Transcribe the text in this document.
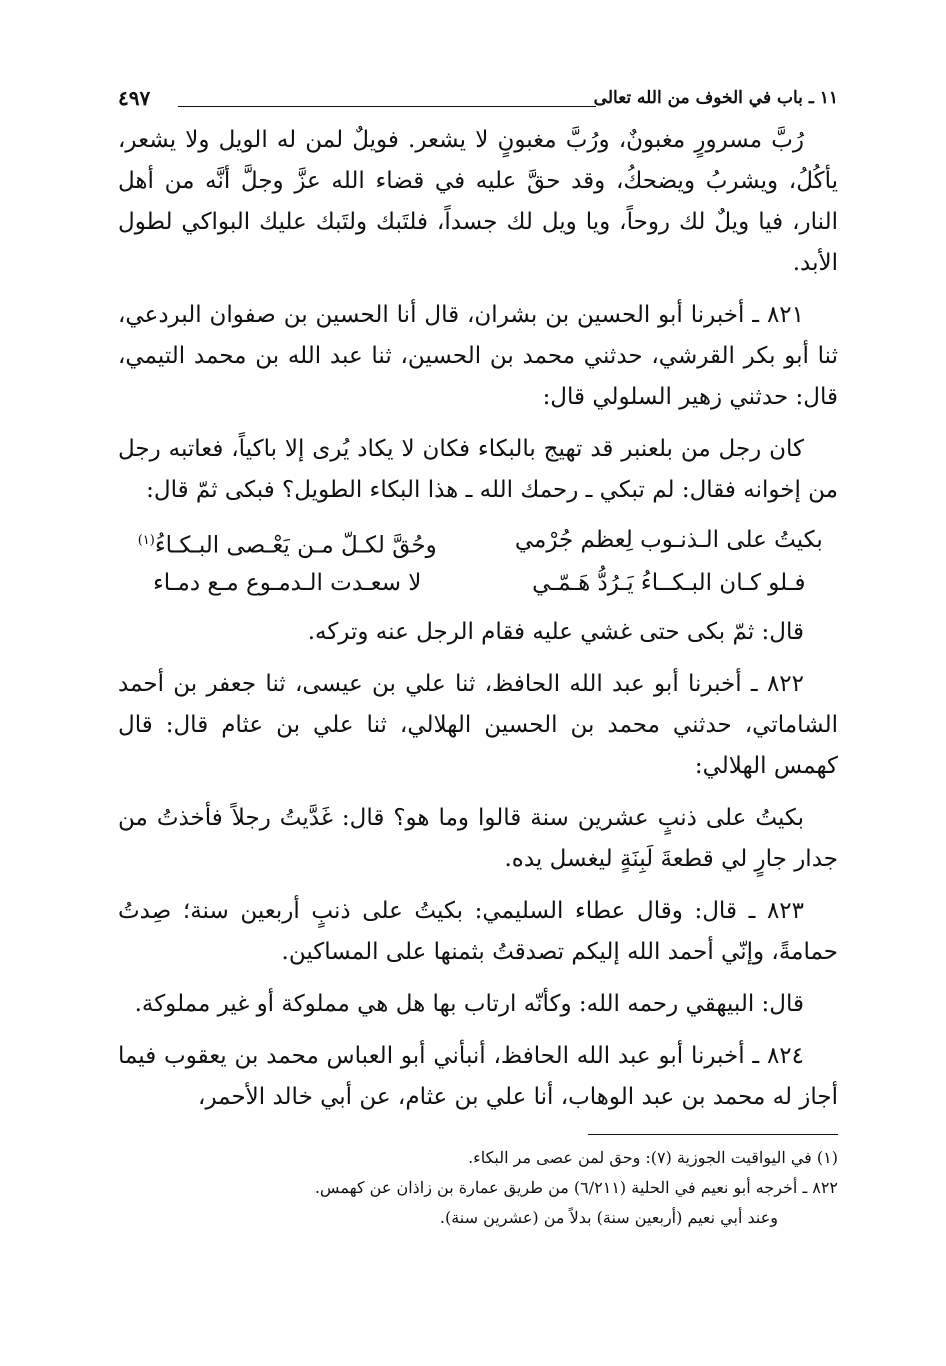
١١ ـ باب في الخوف من الله تعالى
٤٩٧

رُبَّ مسرورٍ مغبونٌ، ورُبَّ مغبونٍ لا يشعر. فويلٌ لمن له الويل ولا يشعر، يأكُلُ، ويشربُ ويضحكُ، وقد حقَّ عليه في قضاء الله عزَّ وجلَّ أنَّه من أهل النار، فيا ويلٌ لك روحاً، ويا ويل لك جسداً، فلتَبك ولتَبك عليك البواكي لطول الأبد.

٨٢١ ـ أخبرنا أبو الحسين بن بشران، قال أنا الحسين بن صفوان البردعي، ثنا أبو بكر القرشي، حدثني محمد بن الحسين، ثنا عبد الله بن محمد التيمي، قال: حدثني زهير السلولي قال:

كان رجل من بلعنبر قد تهيج بالبكاء فكان لا يكاد يُرى إلا باكياً، فعاتبه رجل من إخوانه فقال: لم تبكي ـ رحمك الله ـ هذا البكاء الطويل؟ فبكى ثمّ قال:

بكيتُ على الـذنـوب لِعظم جُرْمي
وحُقَّ لكـلّ مـن يَعْـصى البـكـاءُ$^{(١)}$
فـلو كـان البـكــاءُ يَـرُدُّ هَـمّـي
لا سعـدت الـدمـوع مـع دمـاء

قال: ثمّ بكى حتى غشي عليه فقام الرجل عنه وتركه.

٨٢٢ ـ أخبرنا أبو عبد الله الحافظ، ثنا علي بن عيسى، ثنا جعفر بن أحمد الشاماتي، حدثني محمد بن الحسين الهلالي، ثنا علي بن عثام قال: قال كهمس الهلالي:

بكيتُ على ذنبٍ عشرين سنة قالوا وما هو؟ قال: غَدَّيتُ رجلاً فأخذتُ من جدار جارٍ لي قطعةَ لَبِنَةٍ ليغسل يده.

٨٢٣ ـ قال: وقال عطاء السليمي: بكيتُ على ذنبٍ أربعين سنة؛ صِدتُ حمامةً، وإنّي أحمد الله إليكم تصدقتُ بثمنها على المساكين.

قال: البيهقي رحمه الله: وكأنّه ارتاب بها هل هي مملوكة أو غير مملوكة.

٨٢٤ ـ أخبرنا أبو عبد الله الحافظ، أنبأني أبو العباس محمد بن يعقوب فيما أجاز له محمد بن عبد الوهاب، أنا علي بن عثام، عن أبي خالد الأحمر،

(١) في اليواقيت الجوزية (٧): وحق لمن عصى مر البكاء.

٨٢٢ ـ أخرجه أبو نعيم في الحلية (٦/٢١١) من طريق عمارة بن زاذان عن كهمس.

وعند أبي نعيم (أربعين سنة) بدلاً من (عشرين سنة).
